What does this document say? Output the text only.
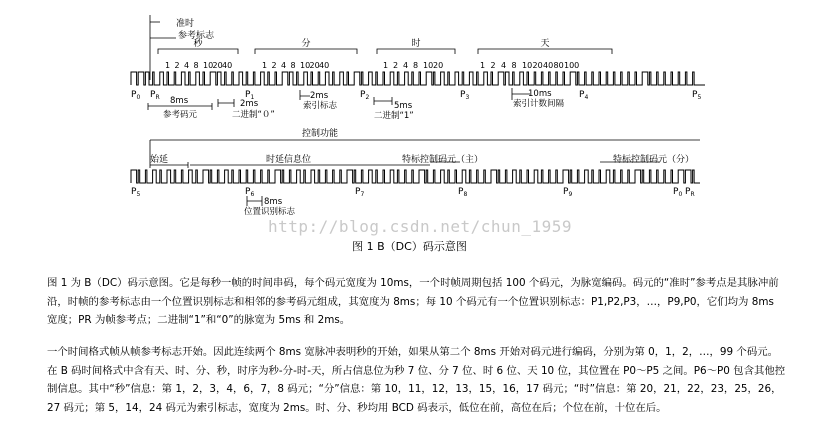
准时
参考标志
秒	分	时	天
1 2 4 8 10 20 40	1 2 4 8 10 20 40	1 2 4 8 10 20	1 2 4 8 10 20 40 80 100
$P_0$ $P_R$	$P_1$	$P_2$	$P_3$	$P_4$	$P_5$
8ms
参考码元
2ms
二进制“０”
2ms
索引标志	5ms
二进制“1”
10ms
索引计数间隔
控制功能
始延	时延信息位	特标控制码元（主）	特标控制码元（分）
$P_5$	$P_6$	$P_7$	$P_8$	$P_9$	$P_0$ $P_R$
8ms
位置识别标志
http://blog.csdn.net/chun_1959
图 1 B（DC）码示意图

图 1 为 B（DC）码示意图。它是每秒一帧的时间串码，每个码元宽度为 10ms，一个时帧周期包括 100 个码元，为脉宽编码。码元的“准时”参考点是其脉冲前沿，时帧的参考标志由一个位置识别标志和相邻的参考码元组成，其宽度为 8ms；每 10 个码元有一个位置识别标志：P1,P2,P3，…，P9,P0，它们均为 8ms 宽度；PR 为帧参考点；二进制“1”和“0”的脉宽为 5ms 和 2ms。

一个时间格式帧从帧参考标志开始。因此连续两个 8ms 宽脉冲表明秒的开始，如果从第二个 8ms 开始对码元进行编码，分别为第 0，1，2，…，99 个码元。在 B 码时间格式中含有天、时、分、秒，时序为秒-分-时-天，所占信息位为秒 7 位、分 7 位、时 6 位、天 10 位，其位置在 P0～P5 之间。P6～P0 包含其他控制信息。其中“秒”信息：第 1，2，3，4，6，7，8 码元；“分”信息：第 10，11，12，13，15，16，17 码元；“时”信息：第 20，21，22，23，25，26，27 码元；第 5，14，24 码元为索引标志，宽度为 2ms。时、分、秒均用 BCD 码表示，低位在前，高位在后；个位在前，十位在后。
